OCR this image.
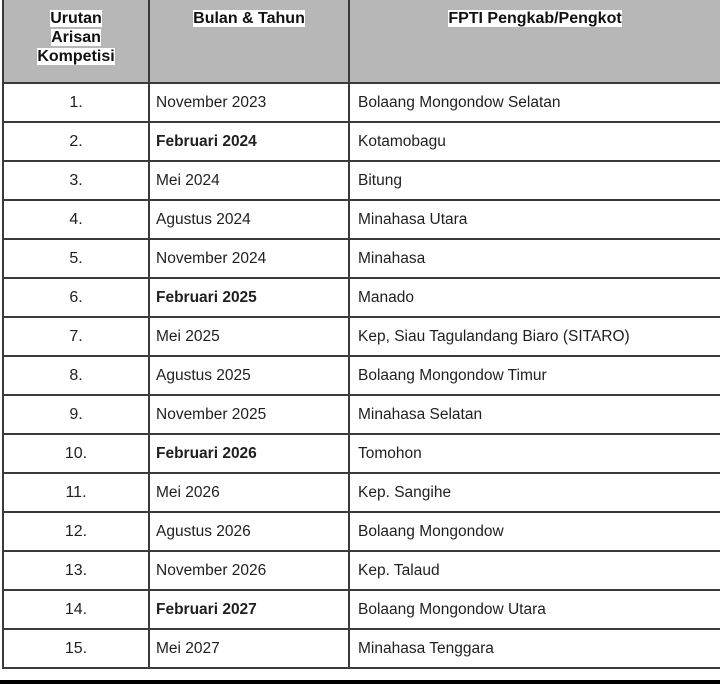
Urutan
Arisan
Kompetisi	Bulan & Tahun	FPTI Pengkab/Pengkot

1.	November 2023	Bolaang Mongondow Selatan
2.	Februari 2024	Kotamobagu
3.	Mei 2024	Bitung
4.	Agustus 2024	Minahasa Utara
5.	November 2024	Minahasa
6.	Februari 2025	Manado
7.	Mei 2025	Kep, Siau Tagulandang Biaro (SITARO)
8.	Agustus 2025	Bolaang Mongondow Timur
9.	November 2025	Minahasa Selatan
10.	Februari 2026	Tomohon
11.	Mei 2026	Kep. Sangihe
12.	Agustus 2026	Bolaang Mongondow
13.	November 2026	Kep. Talaud
14.	Februari 2027	Bolaang Mongondow Utara
15.	Mei 2027	Minahasa Tenggara
